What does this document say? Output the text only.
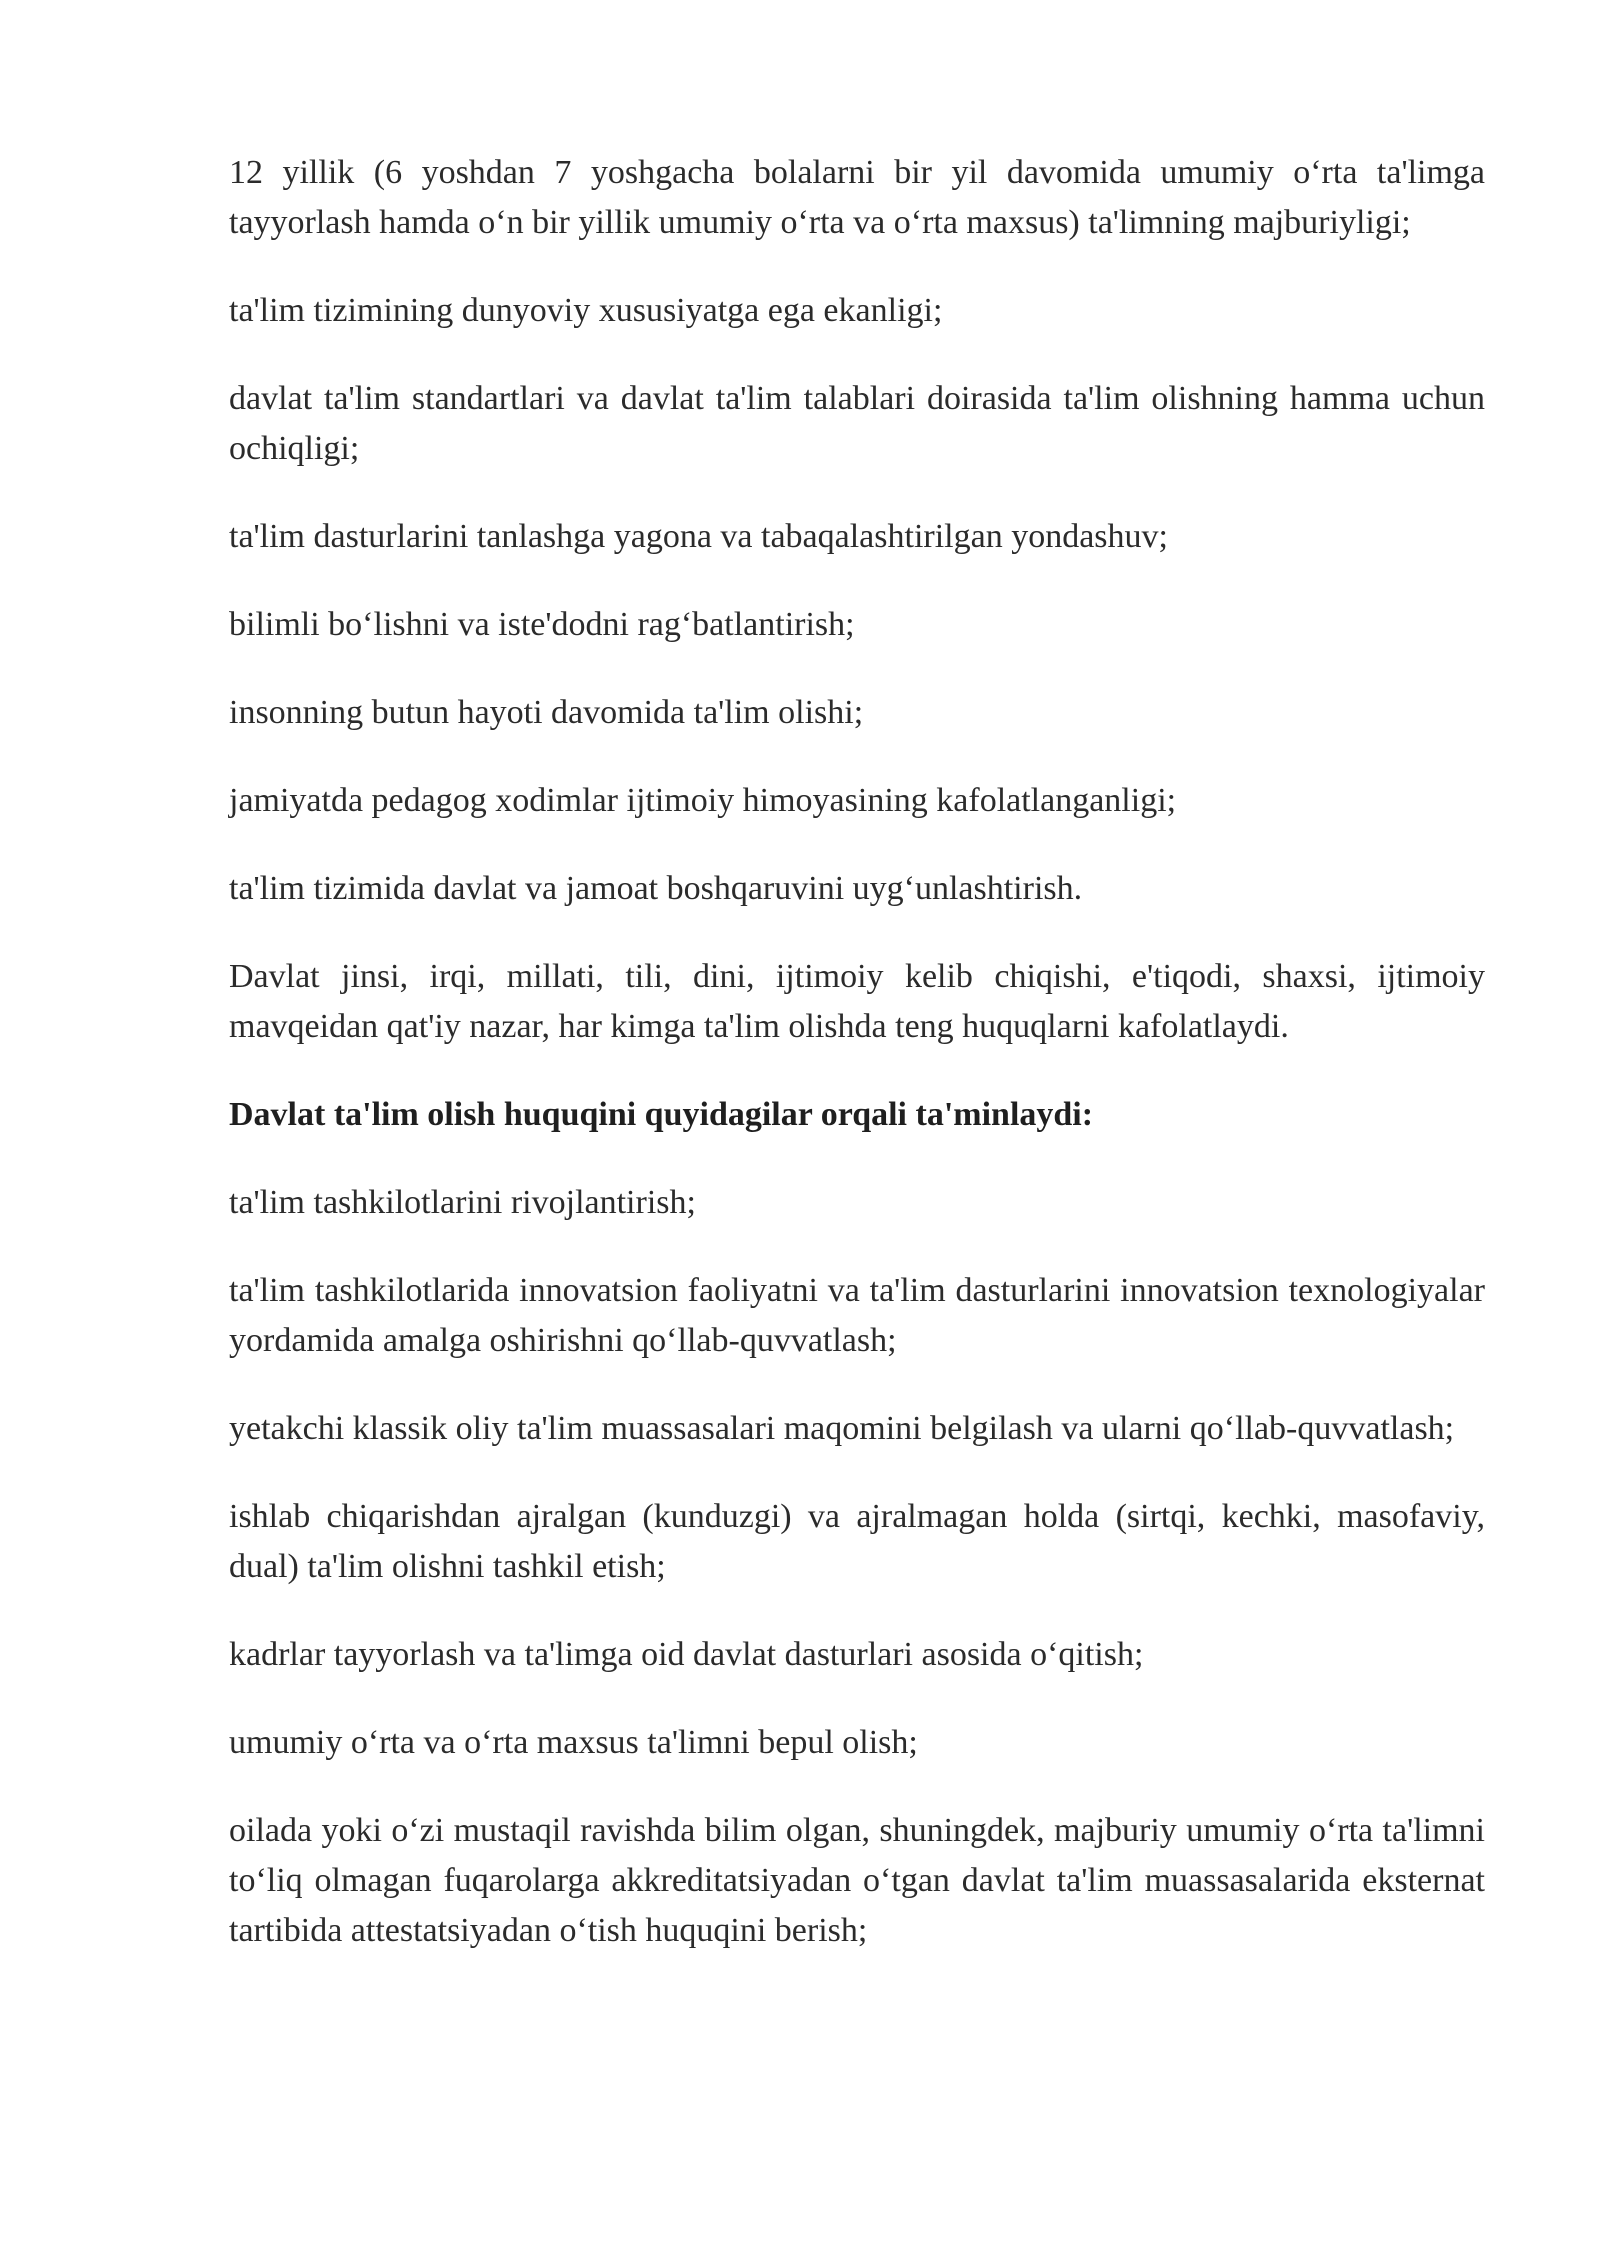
12 yillik (6 yoshdan 7 yoshgacha bolalarni bir yil davomida umumiy o‘rta ta'limga tayyorlash hamda o‘n bir yillik umumiy o‘rta va o‘rta maxsus) ta'limning majburiyligi;

ta'lim tizimining dunyoviy xususiyatga ega ekanligi;

davlat ta'lim standartlari va davlat ta'lim talablari doirasida ta'lim olishning hamma uchun ochiqligi;

ta'lim dasturlarini tanlashga yagona va tabaqalashtirilgan yondashuv;

bilimli bo‘lishni va iste'dodni rag‘batlantirish;

insonning butun hayoti davomida ta'lim olishi;

jamiyatda pedagog xodimlar ijtimoiy himoyasining kafolatlanganligi;

ta'lim tizimida davlat va jamoat boshqaruvini uyg‘unlashtirish.

Davlat jinsi, irqi, millati, tili, dini, ijtimoiy kelib chiqishi, e'tiqodi, shaxsi, ijtimoiy mavqeidan qat'iy nazar, har kimga ta'lim olishda teng huquqlarni kafolatlaydi.

Davlat ta'lim olish huquqini quyidagilar orqali ta'minlaydi:

ta'lim tashkilotlarini rivojlantirish;

ta'lim tashkilotlarida innovatsion faoliyatni va ta'lim dasturlarini innovatsion texnologiyalar yordamida amalga oshirishni qo‘llab-quvvatlash;

yetakchi klassik oliy ta'lim muassasalari maqomini belgilash va ularni qo‘llab-quvvatlash;

ishlab chiqarishdan ajralgan (kunduzgi) va ajralmagan holda (sirtqi, kechki, masofaviy, dual) ta'lim olishni tashkil etish;

kadrlar tayyorlash va ta'limga oid davlat dasturlari asosida o‘qitish;

umumiy o‘rta va o‘rta maxsus ta'limni bepul olish;

oilada yoki o‘zi mustaqil ravishda bilim olgan, shuningdek, majburiy umumiy o‘rta ta'limni to‘liq olmagan fuqarolarga akkreditatsiyadan o‘tgan davlat ta'lim muassasalarida eksternat tartibida attestatsiyadan o‘tish huquqini berish;
